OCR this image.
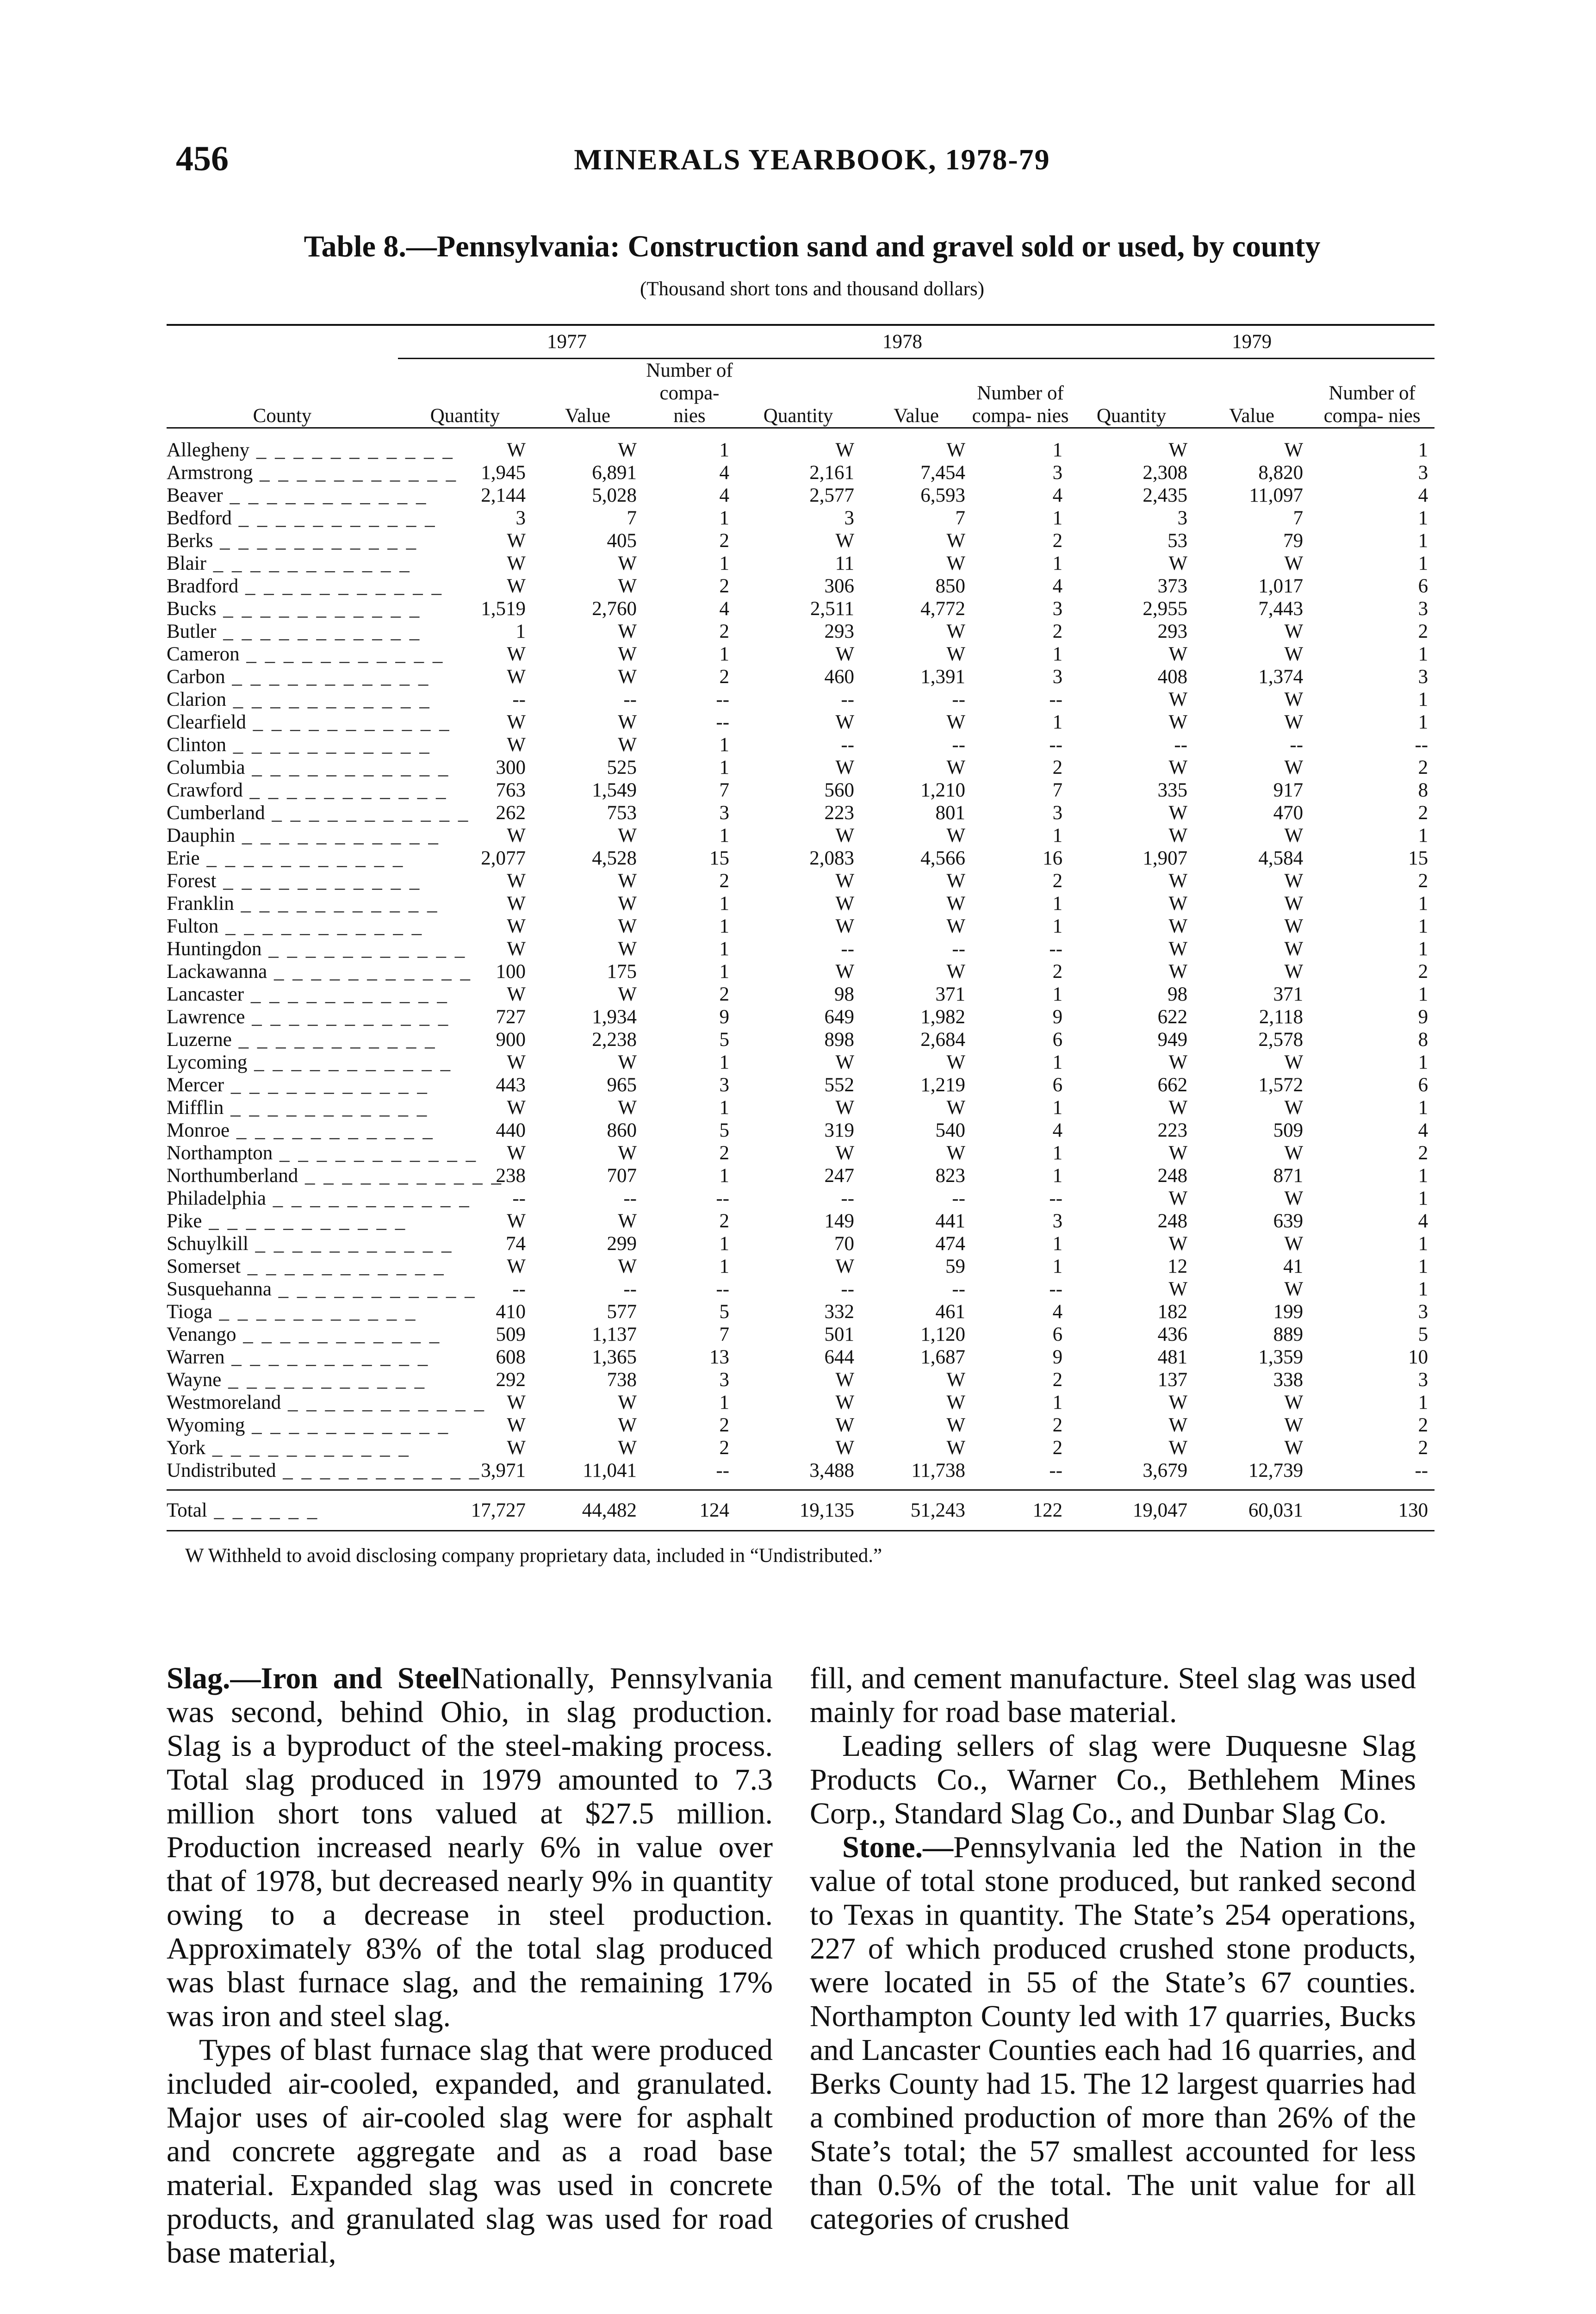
456	MINERALS YEARBOOK, 1978-79
Table 8.—Pennsylvania: Construction sand and gravel sold or used, by county
(Thousand short tons and thousand dollars)
	1977			1978			1979		
County	Quantity	Value	Number of compa- nies	Quantity	Value	Number of compa- nies	Quantity	Value	Number of compa- nies
Allegheny _ _ _ _ _ _ _ _ _ _ _	W	W	1	W	W	1	W	W	1
Armstrong _ _ _ _ _ _ _ _ _ _ _	1,945	6,891	4	2,161	7,454	3	2,308	8,820	3
Beaver _ _ _ _ _ _ _ _ _ _ _	2,144	5,028	4	2,577	6,593	4	2,435	11,097	4
Bedford _ _ _ _ _ _ _ _ _ _ _	3	7	1	3	7	1	3	7	1
Berks _ _ _ _ _ _ _ _ _ _ _	W	405	2	W	W	2	53	79	1
Blair _ _ _ _ _ _ _ _ _ _ _	W	W	1	11	W	1	W	W	1
Bradford _ _ _ _ _ _ _ _ _ _ _	W	W	2	306	850	4	373	1,017	6
Bucks _ _ _ _ _ _ _ _ _ _ _	1,519	2,760	4	2,511	4,772	3	2,955	7,443	3
Butler _ _ _ _ _ _ _ _ _ _ _	1	W	2	293	W	2	293	W	2
Cameron _ _ _ _ _ _ _ _ _ _ _	W	W	1	W	W	1	W	W	1
Carbon _ _ _ _ _ _ _ _ _ _ _	W	W	2	460	1,391	3	408	1,374	3
Clarion _ _ _ _ _ _ _ _ _ _ _	--	--	--	--	--	--	W	W	1
Clearfield _ _ _ _ _ _ _ _ _ _ _	W	W	--	W	W	1	W	W	1
Clinton _ _ _ _ _ _ _ _ _ _ _	W	W	1	--	--	--	--	--	--
Columbia _ _ _ _ _ _ _ _ _ _ _	300	525	1	W	W	2	W	W	2
Crawford _ _ _ _ _ _ _ _ _ _ _	763	1,549	7	560	1,210	7	335	917	8
Cumberland _ _ _ _ _ _ _ _ _ _ _	262	753	3	223	801	3	W	470	2
Dauphin _ _ _ _ _ _ _ _ _ _ _	W	W	1	W	W	1	W	W	1
Erie _ _ _ _ _ _ _ _ _ _ _	2,077	4,528	15	2,083	4,566	16	1,907	4,584	15
Forest _ _ _ _ _ _ _ _ _ _ _	W	W	2	W	W	2	W	W	2
Franklin _ _ _ _ _ _ _ _ _ _ _	W	W	1	W	W	1	W	W	1
Fulton _ _ _ _ _ _ _ _ _ _ _	W	W	1	W	W	1	W	W	1
Huntingdon _ _ _ _ _ _ _ _ _ _ _	W	W	1	--	--	--	W	W	1
Lackawanna _ _ _ _ _ _ _ _ _ _ _	100	175	1	W	W	2	W	W	2
Lancaster _ _ _ _ _ _ _ _ _ _ _	W	W	2	98	371	1	98	371	1
Lawrence _ _ _ _ _ _ _ _ _ _ _	727	1,934	9	649	1,982	9	622	2,118	9
Luzerne _ _ _ _ _ _ _ _ _ _ _	900	2,238	5	898	2,684	6	949	2,578	8
Lycoming _ _ _ _ _ _ _ _ _ _ _	W	W	1	W	W	1	W	W	1
Mercer _ _ _ _ _ _ _ _ _ _ _	443	965	3	552	1,219	6	662	1,572	6
Mifflin _ _ _ _ _ _ _ _ _ _ _	W	W	1	W	W	1	W	W	1
Monroe _ _ _ _ _ _ _ _ _ _ _	440	860	5	319	540	4	223	509	4
Northampton _ _ _ _ _ _ _ _ _ _ _	W	W	2	W	W	1	W	W	2
Northumberland _ _ _ _ _ _ _ _ _ _ _	238	707	1	247	823	1	248	871	1
Philadelphia _ _ _ _ _ _ _ _ _ _ _	--	--	--	--	--	--	W	W	1
Pike _ _ _ _ _ _ _ _ _ _ _	W	W	2	149	441	3	248	639	4
Schuylkill _ _ _ _ _ _ _ _ _ _ _	74	299	1	70	474	1	W	W	1
Somerset _ _ _ _ _ _ _ _ _ _ _	W	W	1	W	59	1	12	41	1
Susquehanna _ _ _ _ _ _ _ _ _ _ _	--	--	--	--	--	--	W	W	1
Tioga _ _ _ _ _ _ _ _ _ _ _	410	577	5	332	461	4	182	199	3
Venango _ _ _ _ _ _ _ _ _ _ _	509	1,137	7	501	1,120	6	436	889	5
Warren _ _ _ _ _ _ _ _ _ _ _	608	1,365	13	644	1,687	9	481	1,359	10
Wayne _ _ _ _ _ _ _ _ _ _ _	292	738	3	W	W	2	137	338	3
Westmoreland _ _ _ _ _ _ _ _ _ _ _	W	W	1	W	W	1	W	W	1
Wyoming _ _ _ _ _ _ _ _ _ _ _	W	W	2	W	W	2	W	W	2
York _ _ _ _ _ _ _ _ _ _ _	W	W	2	W	W	2	W	W	2
Undistributed _ _ _ _ _ _ _ _ _ _ _	3,971	11,041	--	3,488	11,738	--	3,679	12,739	--
Total _ _ _ _ _ _	17,727	44,482	124	19,135	51,243	122	19,047	60,031	130
W Withheld to avoid disclosing company proprietary data, included in “Undistributed.”

Slag.—Iron and SteelNationally, Pennsylvania was second, behind Ohio, in slag production. Slag is a byproduct of the steel-making process. Total slag produced in 1979 amounted to 7.3 million short tons valued at $27.5 million. Production increased nearly 6% in value over that of 1978, but decreased nearly 9% in quantity owing to a decrease in steel production. Approximately 83% of the total slag produced was blast furnace slag, and the remaining 17% was iron and steel slag.

Types of blast furnace slag that were produced included air-cooled, expanded, and granulated. Major uses of air-cooled slag were for asphalt and concrete aggregate and as a road base material. Expanded slag was used in concrete products, and granulated slag was used for road base material,

fill, and cement manufacture. Steel slag was used mainly for road base material.

Leading sellers of slag were Duquesne Slag Products Co., Warner Co., Bethlehem Mines Corp., Standard Slag Co., and Dunbar Slag Co.

Stone.—Pennsylvania led the Nation in the value of total stone produced, but ranked second to Texas in quantity. The State’s 254 operations, 227 of which produced crushed stone products, were located in 55 of the State’s 67 counties. Northampton County led with 17 quarries, Bucks and Lancaster Counties each had 16 quarries, and Berks County had 15. The 12 largest quarries had a combined production of more than 26% of the State’s total; the 57 smallest accounted for less than 0.5% of the total. The unit value for all categories of crushed
